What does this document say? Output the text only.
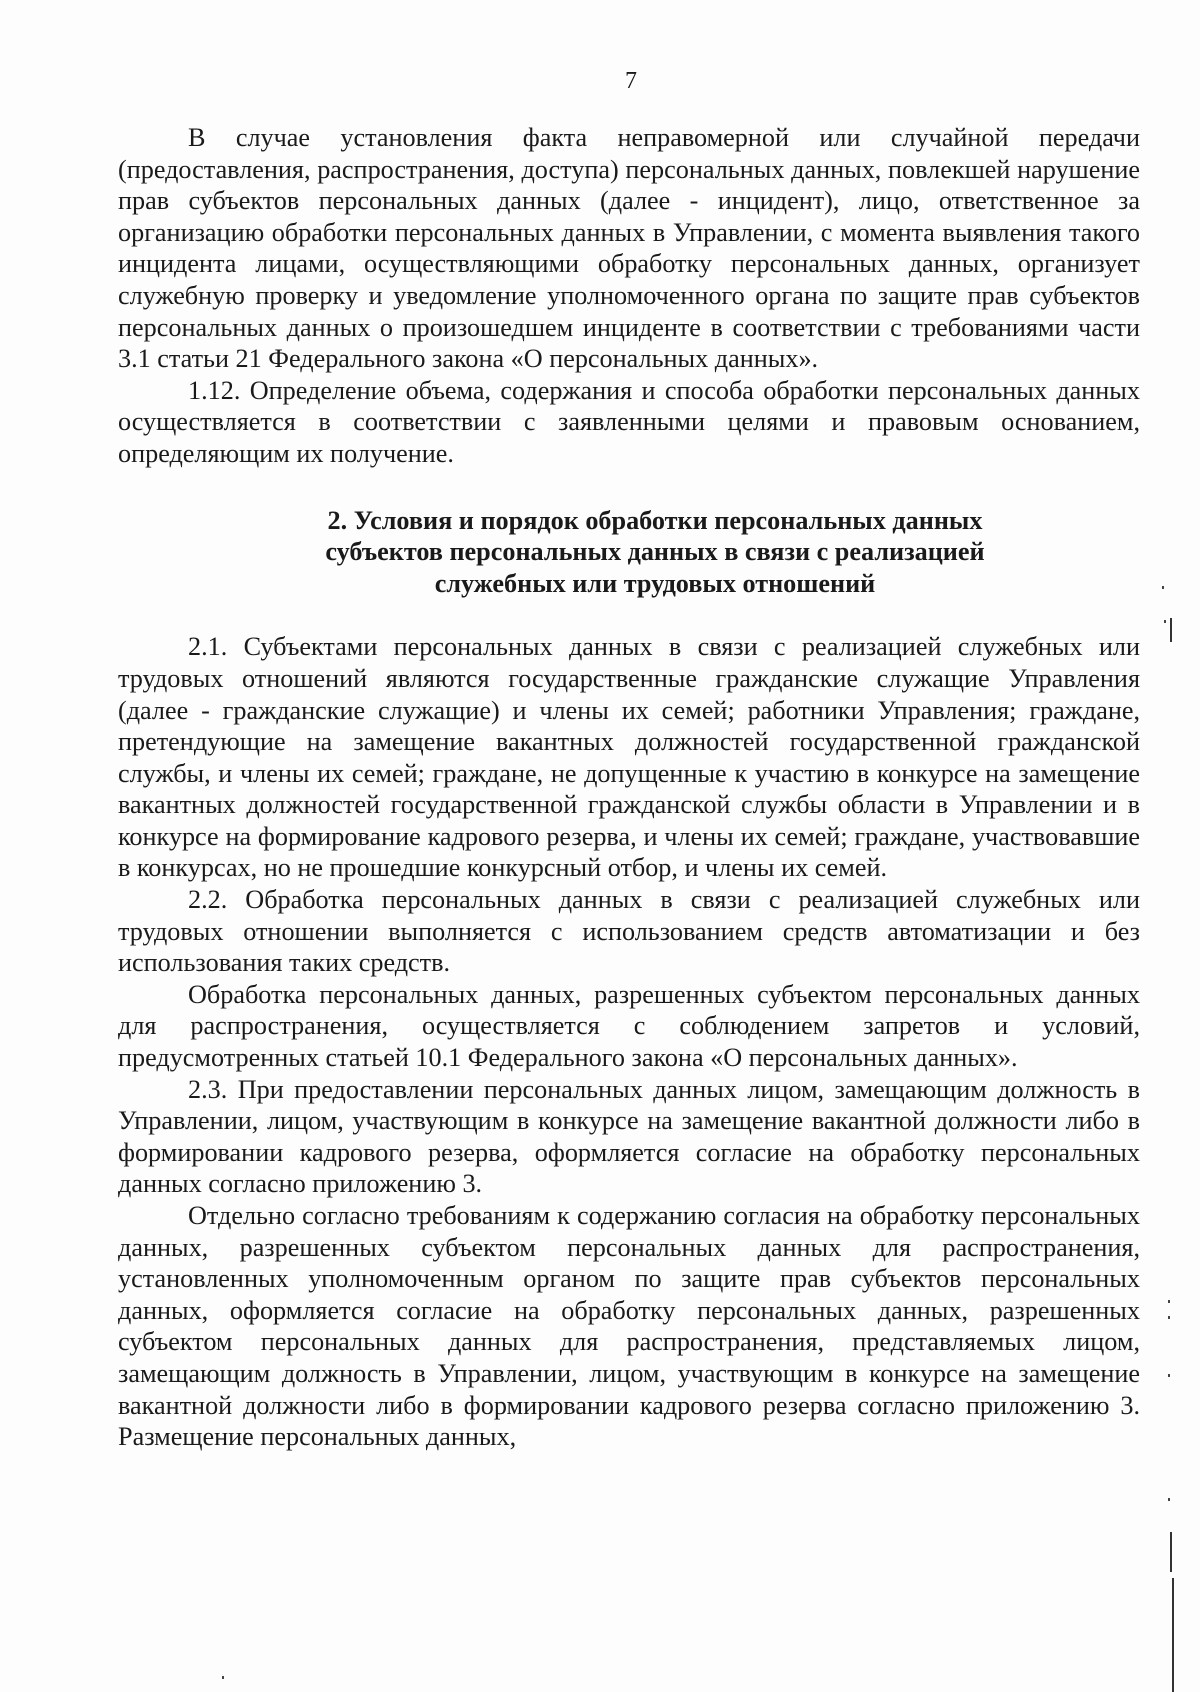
7

В случае установления факта неправомерной или случайной передачи (предоставления, распространения, доступа) персональных данных, повлекшей нарушение прав субъектов персональных данных (далее - инцидент), лицо, ответственное за организацию обработки персональных данных в Управлении, с момента выявления такого инцидента лицами, осуществляющими обработку персональных данных, организует служебную проверку и уведомление уполномоченного органа по защите прав субъектов персональных данных о произошедшем инциденте в соответствии с требованиями части 3.1 статьи 21 Федерального закона «О персональных данных».

1.12. Определение объема, содержания и способа обработки персональных данных осуществляется в соответствии с заявленными целями и правовым основанием, определяющим их получение.

2. Условия и порядок обработки персональных данных

субъектов персональных данных в связи с реализацией

служебных или трудовых отношений

2.1. Субъектами персональных данных в связи с реализацией служебных или трудовых отношений являются государственные гражданские служащие Управления (далее - гражданские служащие) и члены их семей; работники Управления; граждане, претендующие на замещение вакантных должностей государственной гражданской службы, и члены их семей; граждане, не допущенные к участию в конкурсе на замещение вакантных должностей государственной гражданской службы области в Управлении и в конкурсе на формирование кадрового резерва, и члены их семей; граждане, участвовавшие в конкурсах, но не прошедшие конкурсный отбор, и члены их семей.

2.2. Обработка персональных данных в связи с реализацией служебных или трудовых отношении выполняется с использованием средств автоматизации и без использования таких средств.

Обработка персональных данных, разрешенных субъектом персональных данных для распространения, осуществляется с соблюдением запретов и условий, предусмотренных статьей 10.1 Федерального закона «О персональных данных».

2.3. При предоставлении персональных данных лицом, замещающим должность в Управлении, лицом, участвующим в конкурсе на замещение вакантной должности либо в формировании кадрового резерва, оформляется согласие на обработку персональных данных согласно приложению 3.

Отдельно согласно требованиям к содержанию согласия на обработку персональных данных, разрешенных субъектом персональных данных для распространения, установленных уполномоченным органом по защите прав субъектов персональных данных, оформляется согласие на обработку персональных данных, разрешенных субъектом персональных данных для распространения, представляемых лицом, замещающим должность в Управлении, лицом, участвующим в конкурсе на замещение вакантной должности либо в формировании кадрового резерва согласно приложению 3. Размещение персональных данных,
